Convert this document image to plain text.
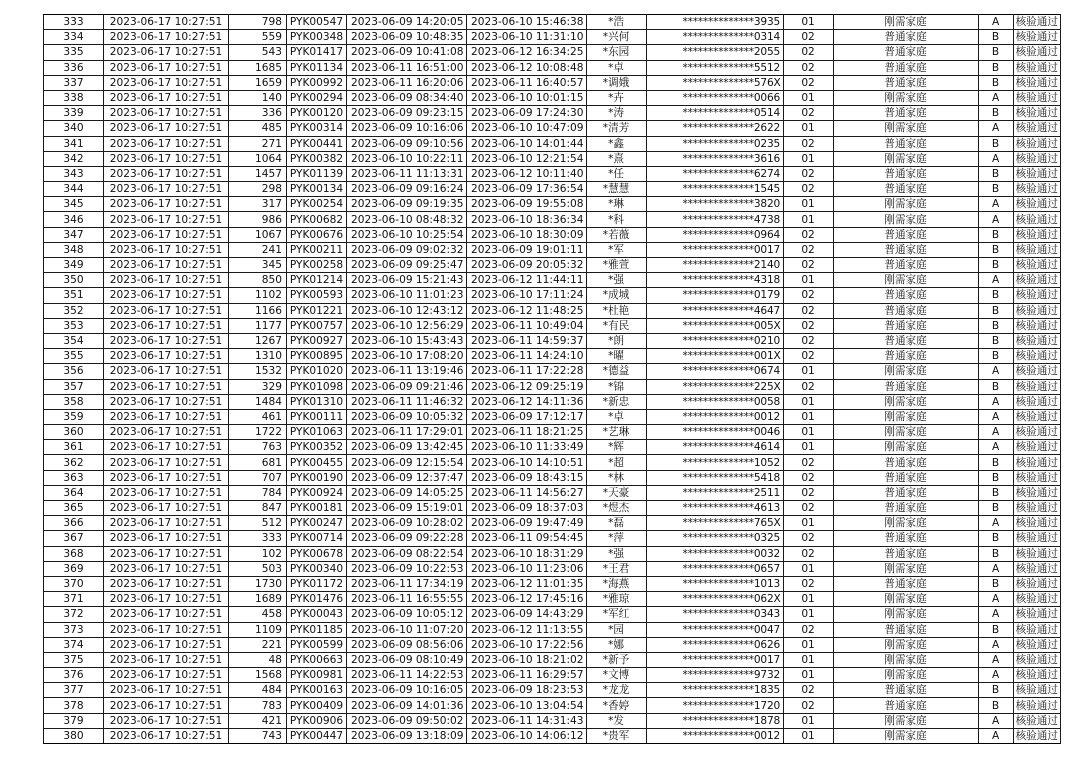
333	2023-06-17 10:27:51	798	PYK00547	2023-06-09 14:20:05	2023-06-10 15:46:38	*浩	**************3935	01	刚需家庭	A	核验通过
334	2023-06-17 10:27:51	559	PYK00348	2023-06-09 10:48:35	2023-06-10 11:31:10	*兴何	**************0314	02	普通家庭	B	核验通过
335	2023-06-17 10:27:51	543	PYK01417	2023-06-09 10:41:08	2023-06-12 16:34:25	*东园	**************2055	02	普通家庭	B	核验通过
336	2023-06-17 10:27:51	1685	PYK01134	2023-06-11 16:51:00	2023-06-12 10:08:48	*卓	**************5512	02	普通家庭	B	核验通过
337	2023-06-17 10:27:51	1659	PYK00992	2023-06-11 16:20:06	2023-06-11 16:40:57	*调娥	**************576X	02	普通家庭	B	核验通过
338	2023-06-17 10:27:51	140	PYK00294	2023-06-09 08:34:40	2023-06-10 10:01:15	*卉	**************0066	01	刚需家庭	A	核验通过
339	2023-06-17 10:27:51	336	PYK00120	2023-06-09 09:23:15	2023-06-09 17:24:30	*涛	**************0514	02	普通家庭	B	核验通过
340	2023-06-17 10:27:51	485	PYK00314	2023-06-09 10:16:06	2023-06-10 10:47:09	*清芳	**************2622	01	刚需家庭	A	核验通过
341	2023-06-17 10:27:51	271	PYK00441	2023-06-09 09:10:56	2023-06-10 14:01:44	*鑫	**************0235	02	普通家庭	B	核验通过
342	2023-06-17 10:27:51	1064	PYK00382	2023-06-10 10:22:11	2023-06-10 12:21:54	*熹	**************3616	01	刚需家庭	A	核验通过
343	2023-06-17 10:27:51	1457	PYK01139	2023-06-11 11:13:31	2023-06-12 10:11:40	*任	**************6274	02	普通家庭	B	核验通过
344	2023-06-17 10:27:51	298	PYK00134	2023-06-09 09:16:24	2023-06-09 17:36:54	*慧慧	**************1545	02	普通家庭	B	核验通过
345	2023-06-17 10:27:51	317	PYK00254	2023-06-09 09:19:35	2023-06-09 19:55:08	*琳	**************3820	01	刚需家庭	A	核验通过
346	2023-06-17 10:27:51	986	PYK00682	2023-06-10 08:48:32	2023-06-10 18:36:34	*科	**************4738	01	刚需家庭	A	核验通过
347	2023-06-17 10:27:51	1067	PYK00676	2023-06-10 10:25:54	2023-06-10 18:30:09	*若薇	**************0964	02	普通家庭	B	核验通过
348	2023-06-17 10:27:51	241	PYK00211	2023-06-09 09:02:32	2023-06-09 19:01:11	*军	**************0017	02	普通家庭	B	核验通过
349	2023-06-17 10:27:51	345	PYK00258	2023-06-09 09:25:47	2023-06-09 20:05:32	*雅萱	**************2140	02	普通家庭	B	核验通过
350	2023-06-17 10:27:51	850	PYK01214	2023-06-09 15:21:43	2023-06-12 11:44:11	*强	**************4318	01	刚需家庭	A	核验通过
351	2023-06-17 10:27:51	1102	PYK00593	2023-06-10 11:01:23	2023-06-10 17:11:24	*成城	**************0179	02	普通家庭	B	核验通过
352	2023-06-17 10:27:51	1166	PYK01221	2023-06-10 12:43:12	2023-06-12 11:48:25	*杜艳	**************4647	02	普通家庭	B	核验通过
353	2023-06-17 10:27:51	1177	PYK00757	2023-06-10 12:56:29	2023-06-11 10:49:04	*有民	**************005X	02	普通家庭	B	核验通过
354	2023-06-17 10:27:51	1267	PYK00927	2023-06-10 15:43:43	2023-06-11 14:59:37	*朗	**************0210	02	普通家庭	B	核验通过
355	2023-06-17 10:27:51	1310	PYK00895	2023-06-10 17:08:20	2023-06-11 14:24:10	*曜	**************001X	02	普通家庭	B	核验通过
356	2023-06-17 10:27:51	1532	PYK01020	2023-06-11 13:19:46	2023-06-11 17:22:28	*德益	**************0674	01	刚需家庭	A	核验通过
357	2023-06-17 10:27:51	329	PYK01098	2023-06-09 09:21:46	2023-06-12 09:25:19	*锦	**************225X	02	普通家庭	B	核验通过
358	2023-06-17 10:27:51	1484	PYK01310	2023-06-11 11:46:32	2023-06-12 14:11:36	*新忠	**************0058	01	刚需家庭	A	核验通过
359	2023-06-17 10:27:51	461	PYK00111	2023-06-09 10:05:32	2023-06-09 17:12:17	*卓	**************0012	01	刚需家庭	A	核验通过
360	2023-06-17 10:27:51	1722	PYK01063	2023-06-11 17:29:01	2023-06-11 18:21:25	*艺琳	**************0046	01	刚需家庭	A	核验通过
361	2023-06-17 10:27:51	763	PYK00352	2023-06-09 13:42:45	2023-06-10 11:33:49	*辉	**************4614	01	刚需家庭	A	核验通过
362	2023-06-17 10:27:51	681	PYK00455	2023-06-09 12:15:54	2023-06-10 14:10:51	*超	**************1052	02	普通家庭	B	核验通过
363	2023-06-17 10:27:51	707	PYK00190	2023-06-09 12:37:47	2023-06-09 18:43:15	*林	**************5418	02	普通家庭	B	核验通过
364	2023-06-17 10:27:51	784	PYK00924	2023-06-09 14:05:25	2023-06-11 14:56:27	*天豪	**************2511	02	普通家庭	B	核验通过
365	2023-06-17 10:27:51	847	PYK00181	2023-06-09 15:19:01	2023-06-09 18:37:03	*煜杰	**************4613	02	普通家庭	B	核验通过
366	2023-06-17 10:27:51	512	PYK00247	2023-06-09 10:28:02	2023-06-09 19:47:49	*磊	**************765X	01	刚需家庭	A	核验通过
367	2023-06-17 10:27:51	333	PYK00714	2023-06-09 09:22:28	2023-06-11 09:54:45	*萍	**************0325	02	普通家庭	B	核验通过
368	2023-06-17 10:27:51	102	PYK00678	2023-06-09 08:22:54	2023-06-10 18:31:29	*强	**************0032	02	普通家庭	B	核验通过
369	2023-06-17 10:27:51	503	PYK00340	2023-06-09 10:22:53	2023-06-10 11:23:06	*王君	**************0657	01	刚需家庭	A	核验通过
370	2023-06-17 10:27:51	1730	PYK01172	2023-06-11 17:34:19	2023-06-12 11:01:35	*海燕	**************1013	02	普通家庭	B	核验通过
371	2023-06-17 10:27:51	1689	PYK01476	2023-06-11 16:55:55	2023-06-12 17:45:16	*雅琼	**************062X	01	刚需家庭	A	核验通过
372	2023-06-17 10:27:51	458	PYK00043	2023-06-09 10:05:12	2023-06-09 14:43:29	*军红	**************0343	01	刚需家庭	A	核验通过
373	2023-06-17 10:27:51	1109	PYK01185	2023-06-10 11:07:20	2023-06-12 11:13:55	*园	**************0047	02	普通家庭	B	核验通过
374	2023-06-17 10:27:51	221	PYK00599	2023-06-09 08:56:06	2023-06-10 17:22:56	*娜	**************0626	01	刚需家庭	A	核验通过
375	2023-06-17 10:27:51	48	PYK00663	2023-06-09 08:10:49	2023-06-10 18:21:02	*新予	**************0017	01	刚需家庭	A	核验通过
376	2023-06-17 10:27:51	1568	PYK00981	2023-06-11 14:22:53	2023-06-11 16:29:57	*文博	**************9732	01	刚需家庭	A	核验通过
377	2023-06-17 10:27:51	484	PYK00163	2023-06-09 10:16:05	2023-06-09 18:23:53	*龙龙	**************1835	02	普通家庭	B	核验通过
378	2023-06-17 10:27:51	783	PYK00409	2023-06-09 14:01:36	2023-06-10 13:04:54	*香婷	**************1720	02	普通家庭	B	核验通过
379	2023-06-17 10:27:51	421	PYK00906	2023-06-09 09:50:02	2023-06-11 14:31:43	*发	**************1878	01	刚需家庭	A	核验通过
380	2023-06-17 10:27:51	743	PYK00447	2023-06-09 13:18:09	2023-06-10 14:06:12	*贵军	**************0012	01	刚需家庭	A	核验通过
